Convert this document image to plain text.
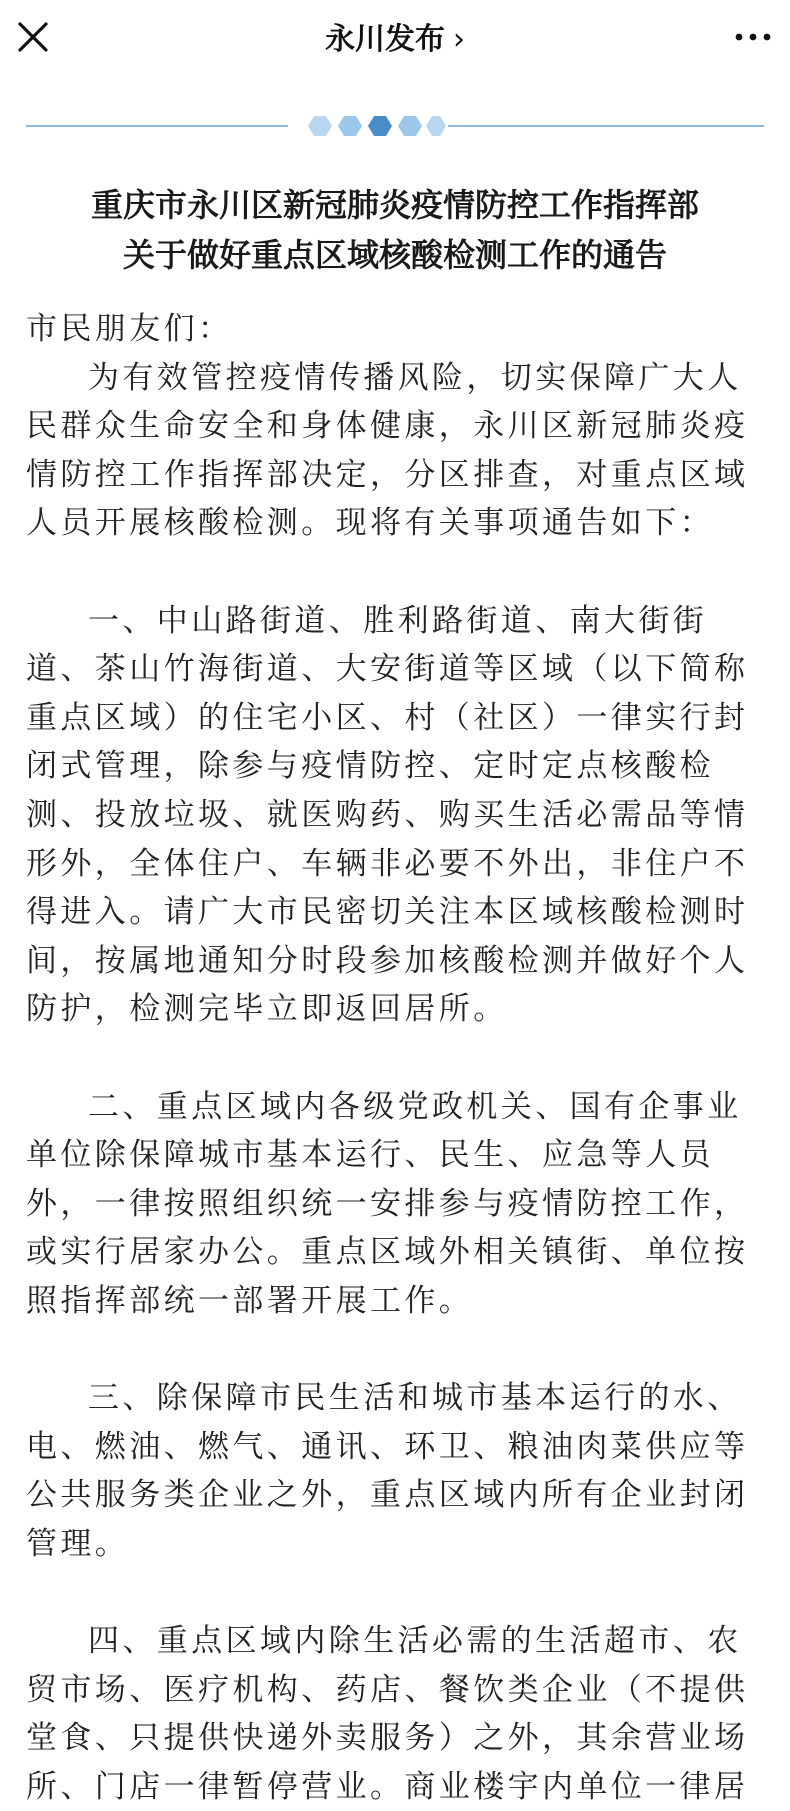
永川发布 ›
重庆市永川区新冠肺炎疫情防控工作指挥部
关于做好重点区域核酸检测工作的通告
市民朋友们：
为有效管控疫情传播风险，切实保障广大人
民群众生命安全和身体健康，永川区新冠肺炎疫
情防控工作指挥部决定，分区排查，对重点区域
人员开展核酸检测。现将有关事项通告如下：
一、中山路街道、胜利路街道、南大街街
道、茶山竹海街道、大安街道等区域（以下简称
重点区域）的住宅小区、村（社区）一律实行封
闭式管理，除参与疫情防控、定时定点核酸检
测、投放垃圾、就医购药、购买生活必需品等情
形外，全体住户、车辆非必要不外出，非住户不
得进入。请广大市民密切关注本区域核酸检测时
间，按属地通知分时段参加核酸检测并做好个人
防护，检测完毕立即返回居所。
二、重点区域内各级党政机关、国有企事业
单位除保障城市基本运行、民生、应急等人员
外，一律按照组织统一安排参与疫情防控工作，
或实行居家办公。重点区域外相关镇街、单位按
照指挥部统一部署开展工作。
三、除保障市民生活和城市基本运行的水、
电、燃油、燃气、通讯、环卫、粮油肉菜供应等
公共服务类企业之外，重点区域内所有企业封闭
管理。
四、重点区域内除生活必需的生活超市、农
贸市场、医疗机构、药店、餐饮类企业（不提供
堂食、只提供快递外卖服务）之外，其余营业场
所、门店一律暂停营业。商业楼宇内单位一律居
